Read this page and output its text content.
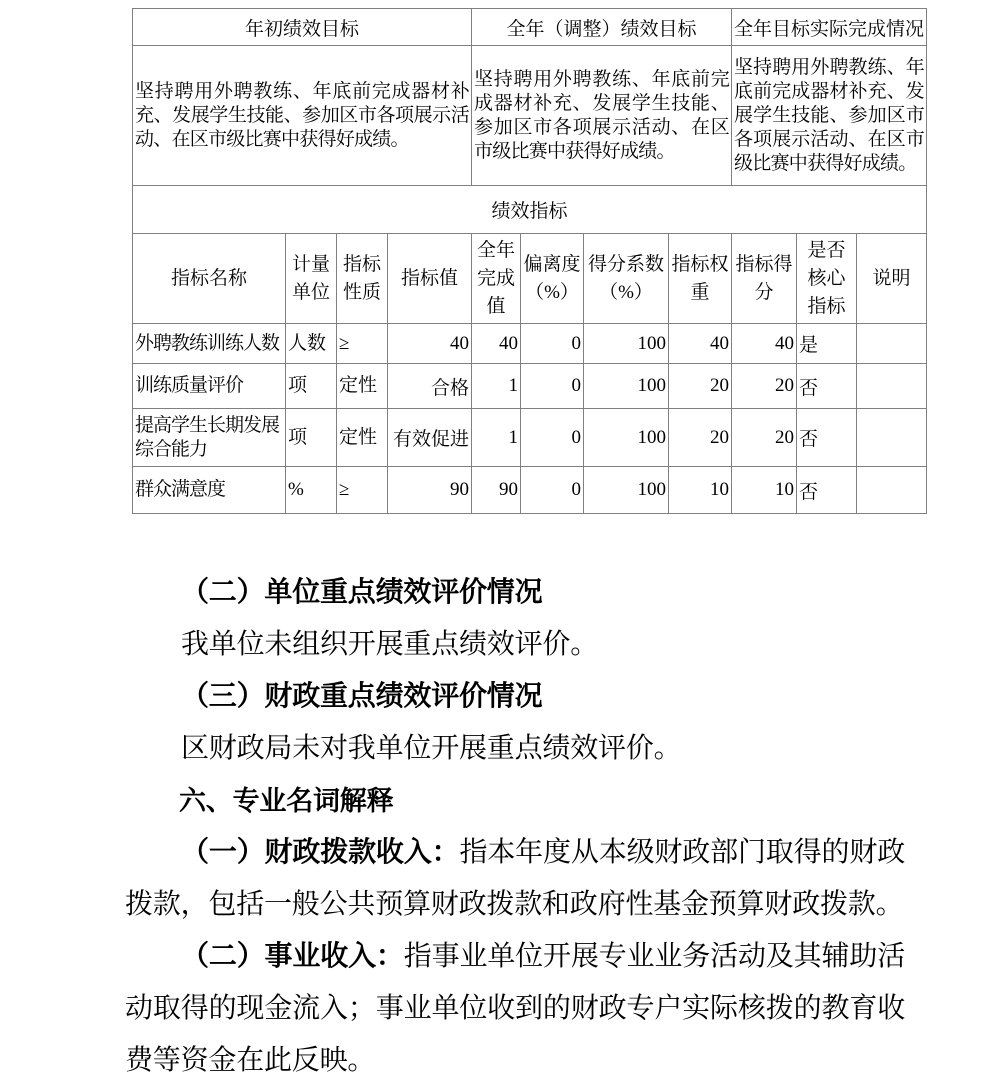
年初绩效目标				全年（调整）绩效目标				全年目标实际完成情况		
坚持聘用外聘教练、年底前完成器材补充、发展学生技能、参加区市各项展示活动、在区市级比赛中获得好成绩。				坚持聘用外聘教练、年底前完成器材补充、发展学生技能、参加区市各项展示活动、在区市级比赛中获得好成绩。				坚持聘用外聘教练、年底前完成器材补充、发展学生技能、参加区市各项展示活动、在区市级比赛中获得好成绩。		
绩效指标										
指标名称	计量单位	指标性质	指标值	全年完成值	偏离度（%）	得分系数（%）	指标权重	指标得分	是否核心指标	说明
外聘教练训练人数	人数	≥	40	40	0	100	40	40	是	
训练质量评价	项	定性	合格	1	0	100	20	20	否	
提高学生长期发展综合能力	项	定性	有效促进	1	0	100	20	20	否	
群众满意度	%	≥	90	90	0	100	10	10	否	

（二）单位重点绩效评价情况

我单位未组织开展重点绩效评价。

（三）财政重点绩效评价情况

区财政局未对我单位开展重点绩效评价。

六、专业名词解释

（一）财政拨款收入：指本年度从本级财政部门取得的财政拨款，包括一般公共预算财政拨款和政府性基金预算财政拨款。

（二）事业收入：指事业单位开展专业业务活动及其辅助活动取得的现金流入；事业单位收到的财政专户实际核拨的教育收费等资金在此反映。
